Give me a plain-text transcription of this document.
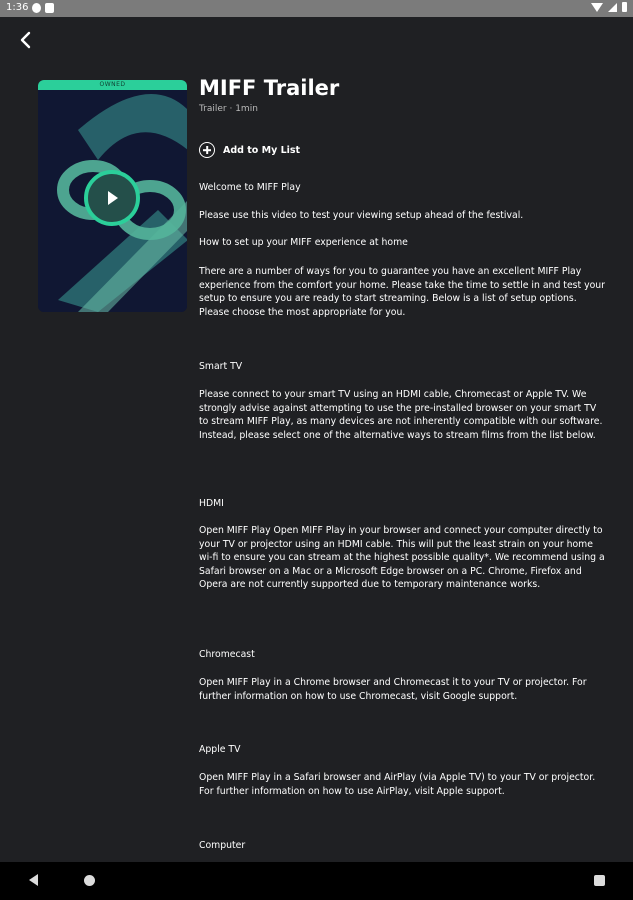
1:36
OWNED	MIFF Trailer
Trailer · 1min
Add to My List

Welcome to MIFF Play

Please use this video to test your viewing setup ahead of the festival.

How to set up your MIFF experience at home

There are a number of ways for you to guarantee you have an excellent MIFF Play experience from the comfort your home. Please take the time to settle in and test your setup to ensure you are ready to start streaming. Below is a list of setup options. Please choose the most appropriate for you.

Smart TV

Please connect to your smart TV using an HDMI cable, Chromecast or Apple TV. We strongly advise against attempting to use the pre-installed browser on your smart TV to stream MIFF Play, as many devices are not inherently compatible with our software. Instead, please select one of the alternative ways to stream films from the list below.

HDMI

Open MIFF Play Open MIFF Play in your browser and connect your computer directly to your TV or projector using an HDMI cable. This will put the least strain on your home wi-fi to ensure you can stream at the highest possible quality*. We recommend using a Safari browser on a Mac or a Microsoft Edge browser on a PC. Chrome, Firefox and Opera are not currently supported due to temporary maintenance works.

Chromecast

Open MIFF Play in a Chrome browser and Chromecast it to your TV or projector. For further information on how to use Chromecast, visit Google support.

Apple TV

Open MIFF Play in a Safari browser and AirPlay (via Apple TV) to your TV or projector. For further information on how to use AirPlay, visit Apple support.

Computer
